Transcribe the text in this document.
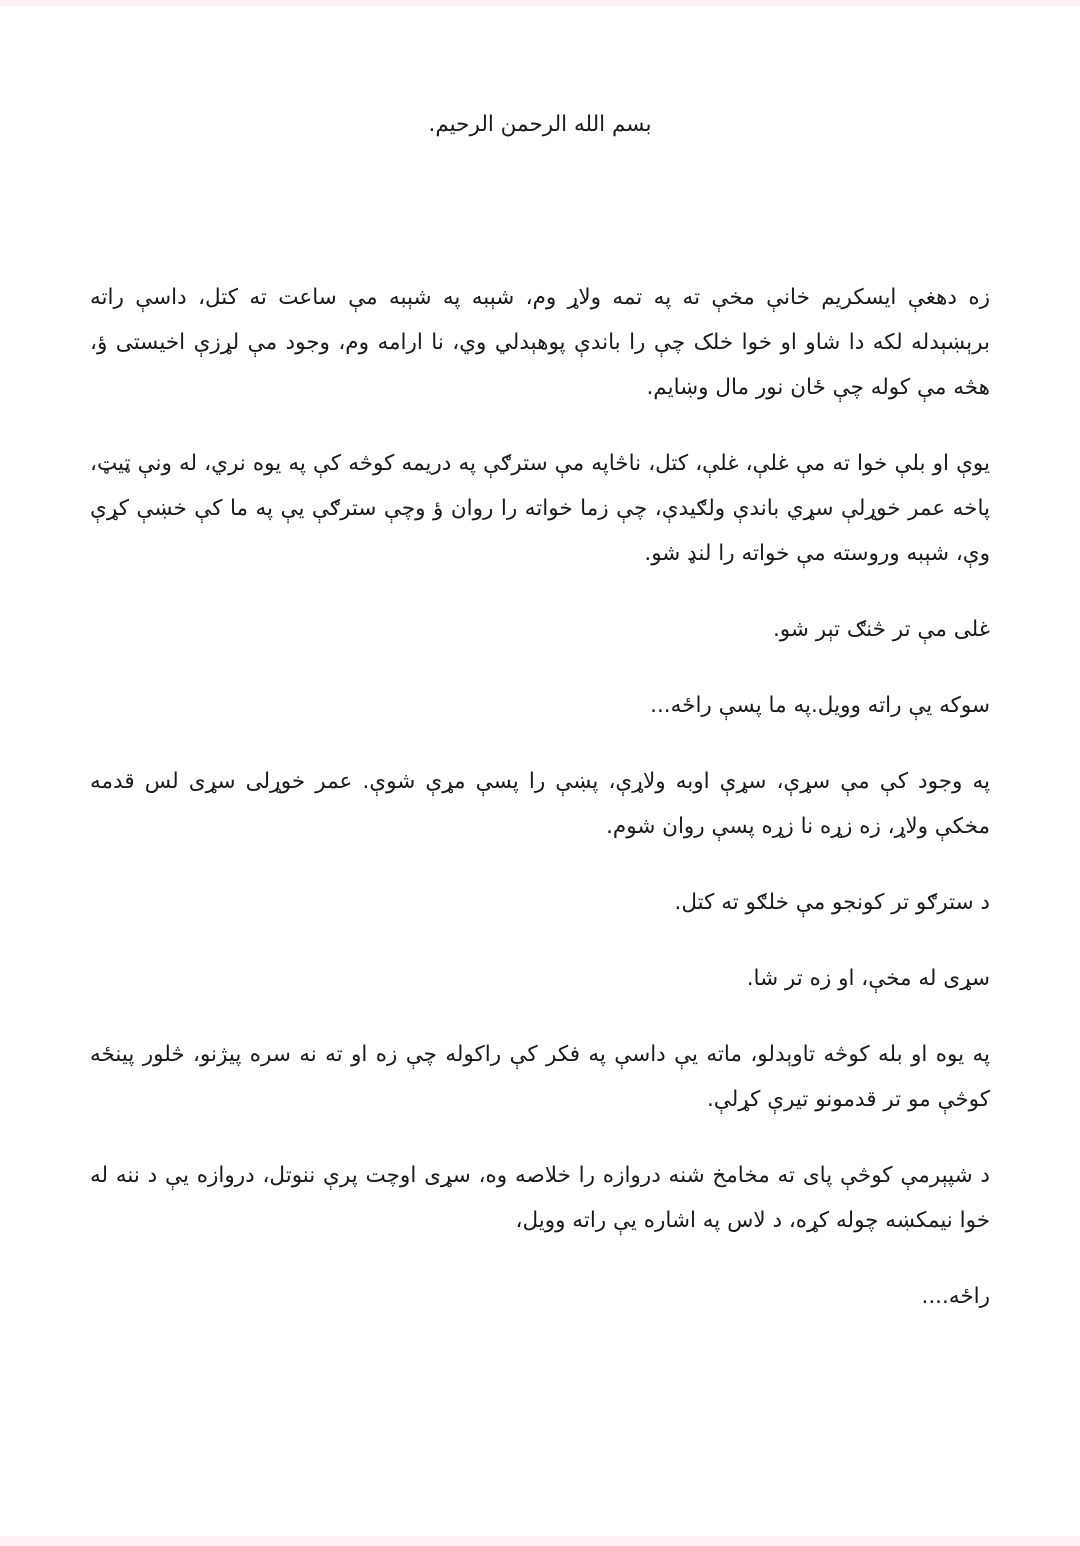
بسم الله الرحمن الرحيم.

زه دهغې ایسکریم خانې مخې ته په تمه ولاړ وم، شېبه په شېبه مې ساعت ته کتل، داسې راته برېښېدله لکه دا شاو او خوا خلک چې را باندې پوهېدلي وي، نا ارامه وم، وجود مې لړزې اخیستی ؤ، هڅه مې کوله چې ځان نور مال وښایم.

یوې او بلې خوا ته مې غلې، غلې، کتل، ناڅاپه مې سترګې په دریمه کوڅه کې په یوه نري، له ونې ټیټ، پاخه عمر خوړلې سړي باندې ولګیدې، چې زما خواته را روان ؤ وچې سترګې یې په ما کې خښې کړې وې، شېبه وروسته مې خواته را لنډ شو.

غلی مې تر څنګ تېر شو.

سوکه یې راته وویل.په ما پسې راځه...

په وجود کې مې سړې، سړې اوبه ولاړې، پښې را پسې مړې شوې. عمر خوړلی سړی لس قدمه مخکې ولاړ، زه زړه نا زړه پسې روان شوم.

د سترګو تر کونجو مې خلګو ته کتل.

سړی له مخې، او زه تر شا.

په یوه او بله کوڅه تاوېدلو، ماته یې داسې په فکر کې راکوله چې زه او ته نه سره پیژنو، څلور پینځه کوڅې مو تر قدمونو تیرې کړلې.

د شپېرمې کوڅې پای ته مخامخ شنه دروازه را خلاصه وه، سړی اوچت پرې ننوتل، دروازه یې د ننه له خوا نیمکښه چوله کړه، د لاس په اشاره یې راته وویل،

راځه....
